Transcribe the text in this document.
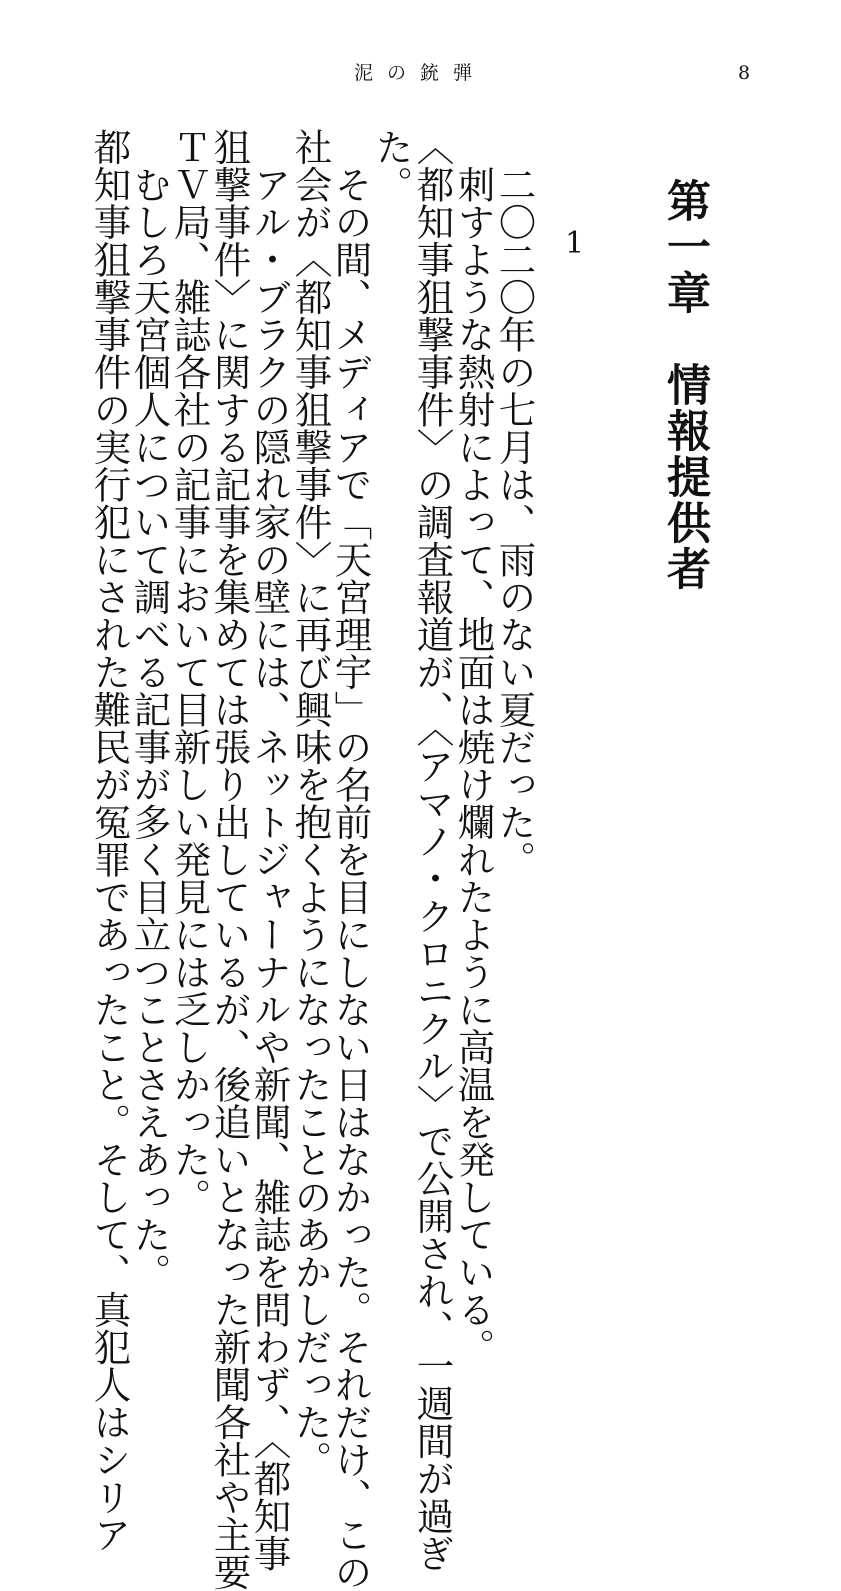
泥の銃弾	8
第一章　情報提供者
1
　二〇二〇年の七月は、雨のない夏だった。
　刺すような熱射によって、地面は焼け爛れたように高温を発している。
〈都知事狙撃事件〉の調査報道が、〈アマノ・クロニクル〉で公開され、一週間が過ぎ
た。
　その間、メディアで「天宮理宇」の名前を目にしない日はなかった。それだけ、この
社会が〈都知事狙撃事件〉に再び興味を抱くようになったことのあかしだった。
　アル・ブラクの隠れ家の壁には、ネットジャーナルや新聞、雑誌を問わず、〈都知事
狙撃事件〉に関する記事を集めては張り出しているが、後追いとなった新聞各社や主要
ＴＶ局、雑誌各社の記事において目新しい発見には乏しかった。
　むしろ天宮個人について調べる記事が多く目立つことさえあった。
都知事狙撃事件の実行犯にされた難民が冤罪であったこと。そして、真犯人はシリア
